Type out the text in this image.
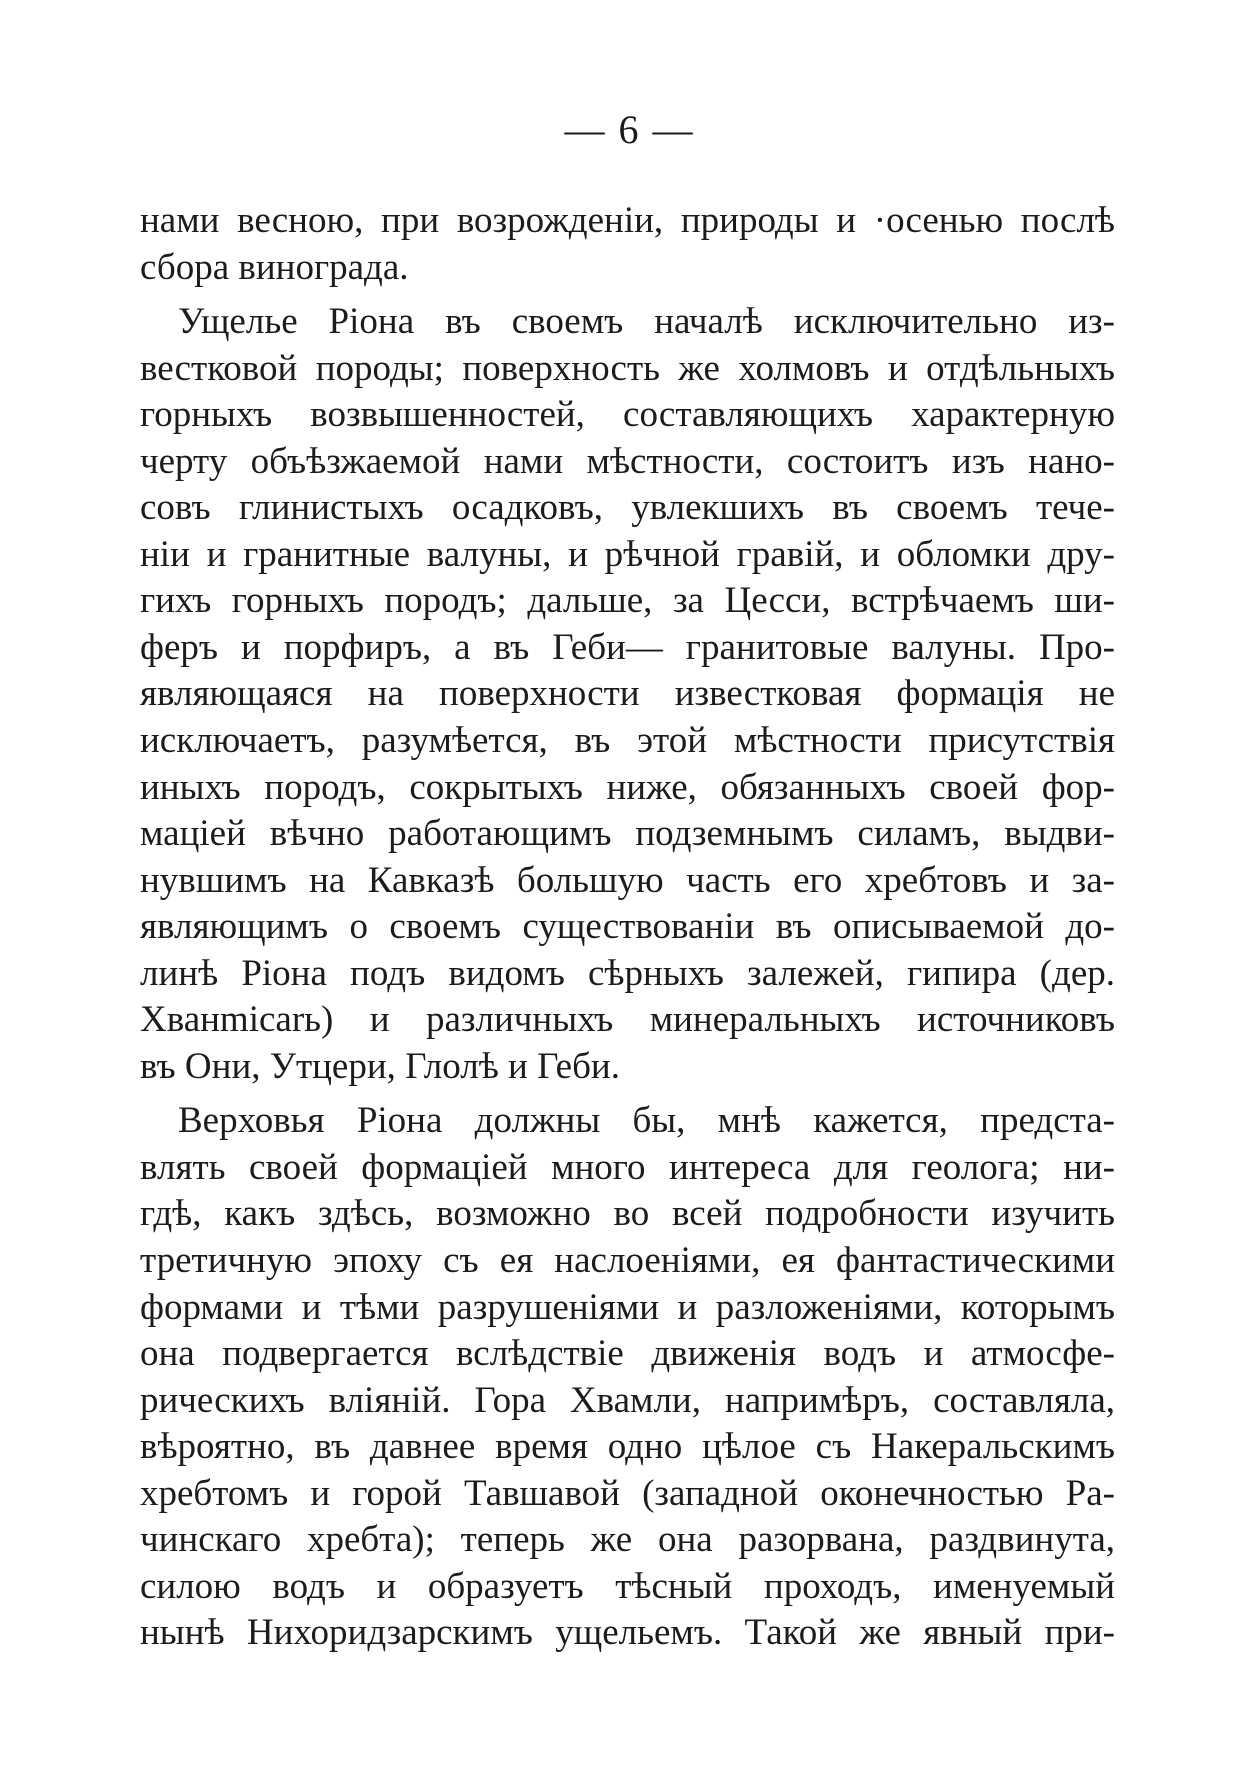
— 6 —
нами весною, при возрожденіи, природы и ·осенью послѣ
сбора винограда.
Ущелье Ріона въ своемъ началѣ исключительно из-
вестковой породы; поверхность же холмовъ и отдѣльныхъ
горныхъ возвышенностей, составляющихъ характерную
черту объѣзжаемой нами мѣстности, состоитъ изъ нано-
совъ глинистыхъ осадковъ, увлекшихъ въ своемъ тече-
ніи и гранитные валуны, и рѣчной гравій, и обломки дру-
гихъ горныхъ породъ; дальше, за Цесси, встрѣчаемъ ши-
феръ и порфиръ, а въ Геби— гранитовые валуны. Про-
являющаяся на поверхности известковая формація не
исключаетъ, разумѣется, въ этой мѣстности присутствія
иныхъ породъ, сокрытыхъ ниже, обязанныхъ своей фор-
маціей вѣчно работающимъ подземнымъ силамъ, выдви-
нувшимъ на Кавказѣ большую часть его хребтовъ и за-
являющимъ о своемъ существованіи въ описываемой до-
линѣ Ріона подъ видомъ сѣрныхъ залежей, гипира (дер.
Хванmicarь) и различныхъ минеральныхъ источниковъ
въ Они, Утцери, Глолѣ и Геби.
Верховья Ріона должны бы, мнѣ кажется, предста-
влять своей формаціей много интереса для геолога; ни-
гдѣ, какъ здѣсь, возможно во всей подробности изучить
третичную эпоху съ ея наслоеніями, ея фантастическими
формами и тѣми разрушеніями и разложеніями, которымъ
она подвергается вслѣдствіе движенія водъ и атмосфе-
рическихъ вліяній. Гора Хвамли, напримѣръ, составляла,
вѣроятно, въ давнее время одно цѣлое съ Накеральскимъ
хребтомъ и горой Тавшавой (западной оконечностью Ра-
чинскаго хребта); теперь же она разорвана, раздвинута,
силою водъ и образуетъ тѣсный проходъ, именуемый
нынѣ Нихоридзарскимъ ущельемъ. Такой же явный при-
